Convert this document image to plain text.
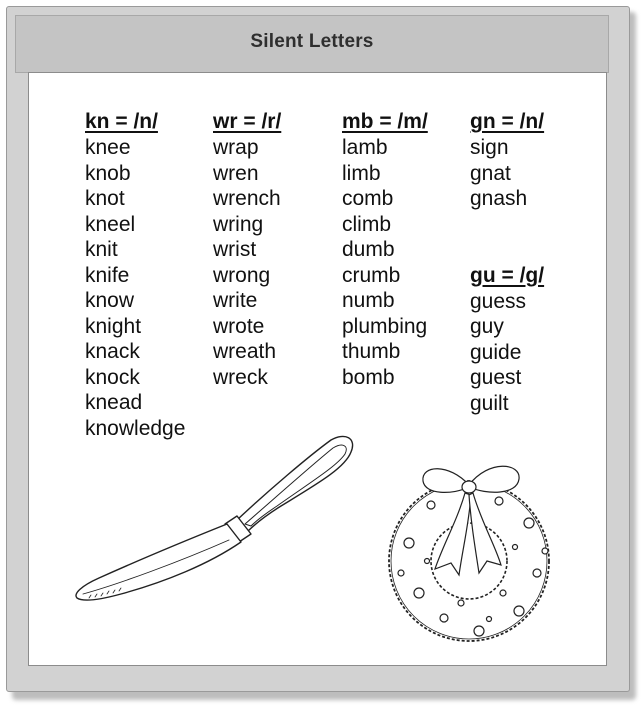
Silent Letters
kn = /n/
knee
knob
knot
kneel
knit
knife
know
knight
knack
knock
knead
knowledge
wr = /r/
wrap
wren
wrench
wring
wrist
wrong
write
wrote
wreath
wreck
mb = /m/
lamb
limb
comb
climb
dumb
crumb
numb
plumbing
thumb
bomb
gn = /n/
sign
gnat
gnash
gu = /g/
guess
guy
guide
guest
guilt
